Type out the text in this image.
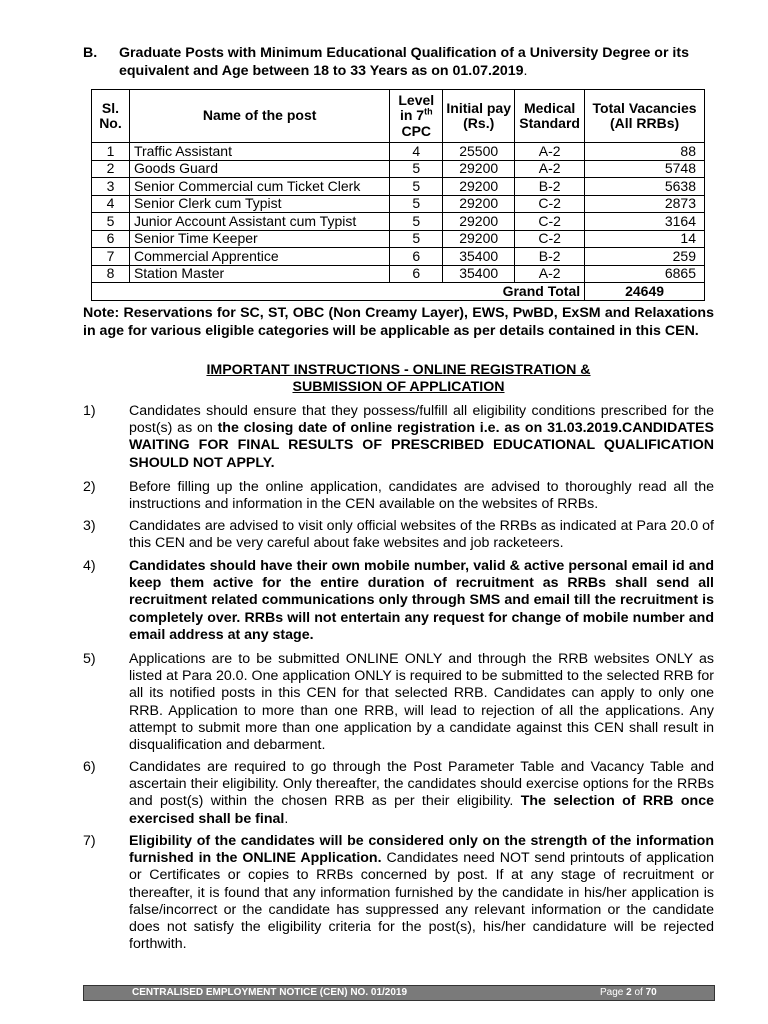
B. Graduate Posts with Minimum Educational Qualification of a University Degree or its equivalent and Age between 18 to 33 Years as on 01.07.2019.
Sl. No.	Name of the post	Level in 7th CPC	Initial pay (Rs.)	Medical Standard	Total Vacancies (All RRBs)
1	Traffic Assistant	4	25500	A-2	88
2	Goods Guard	5	29200	A-2	5748
3	Senior Commercial cum Ticket Clerk	5	29200	B-2	5638
4	Senior Clerk cum Typist	5	29200	C-2	2873
5	Junior Account Assistant cum Typist	5	29200	C-2	3164
6	Senior Time Keeper	5	29200	C-2	14
7	Commercial Apprentice	6	35400	B-2	259
8	Station Master	6	35400	A-2	6865
Grand Total					24649
Note: Reservations for SC, ST, OBC (Non Creamy Layer), EWS, PwBD, ExSM and Relaxations in age for various eligible categories will be applicable as per details contained in this CEN.
IMPORTANT INSTRUCTIONS - ONLINE REGISTRATION &
SUBMISSION OF APPLICATION
1) Candidates should ensure that they possess/fulfill all eligibility conditions prescribed for the post(s) as on the closing date of online registration i.e. as on 31.03.2019.CANDIDATES WAITING FOR FINAL RESULTS OF PRESCRIBED EDUCATIONAL QUALIFICATION SHOULD NOT APPLY.
2) Before filling up the online application, candidates are advised to thoroughly read all the instructions and information in the CEN available on the websites of RRBs.
3) Candidates are advised to visit only official websites of the RRBs as indicated at Para 20.0 of this CEN and be very careful about fake websites and job racketeers.
4) Candidates should have their own mobile number, valid & active personal email id and keep them active for the entire duration of recruitment as RRBs shall send all recruitment related communications only through SMS and email till the recruitment is completely over. RRBs will not entertain any request for change of mobile number and email address at any stage.
5) Applications are to be submitted ONLINE ONLY and through the RRB websites ONLY as listed at Para 20.0. One application ONLY is required to be submitted to the selected RRB for all its notified posts in this CEN for that selected RRB. Candidates can apply to only one RRB. Application to more than one RRB, will lead to rejection of all the applications. Any attempt to submit more than one application by a candidate against this CEN shall result in disqualification and debarment.
6) Candidates are required to go through the Post Parameter Table and Vacancy Table and ascertain their eligibility. Only thereafter, the candidates should exercise options for the RRBs and post(s) within the chosen RRB as per their eligibility. The selection of RRB once exercised shall be final.
7) Eligibility of the candidates will be considered only on the strength of the information furnished in the ONLINE Application. Candidates need NOT send printouts of application or Certificates or copies to RRBs concerned by post. If at any stage of recruitment or thereafter, it is found that any information furnished by the candidate in his/her application is false/incorrect or the candidate has suppressed any relevant information or the candidate does not satisfy the eligibility criteria for the post(s), his/her candidature will be rejected forthwith.
CENTRALISED EMPLOYMENT NOTICE (CEN) NO. 01/2019	Page 2 of 70
